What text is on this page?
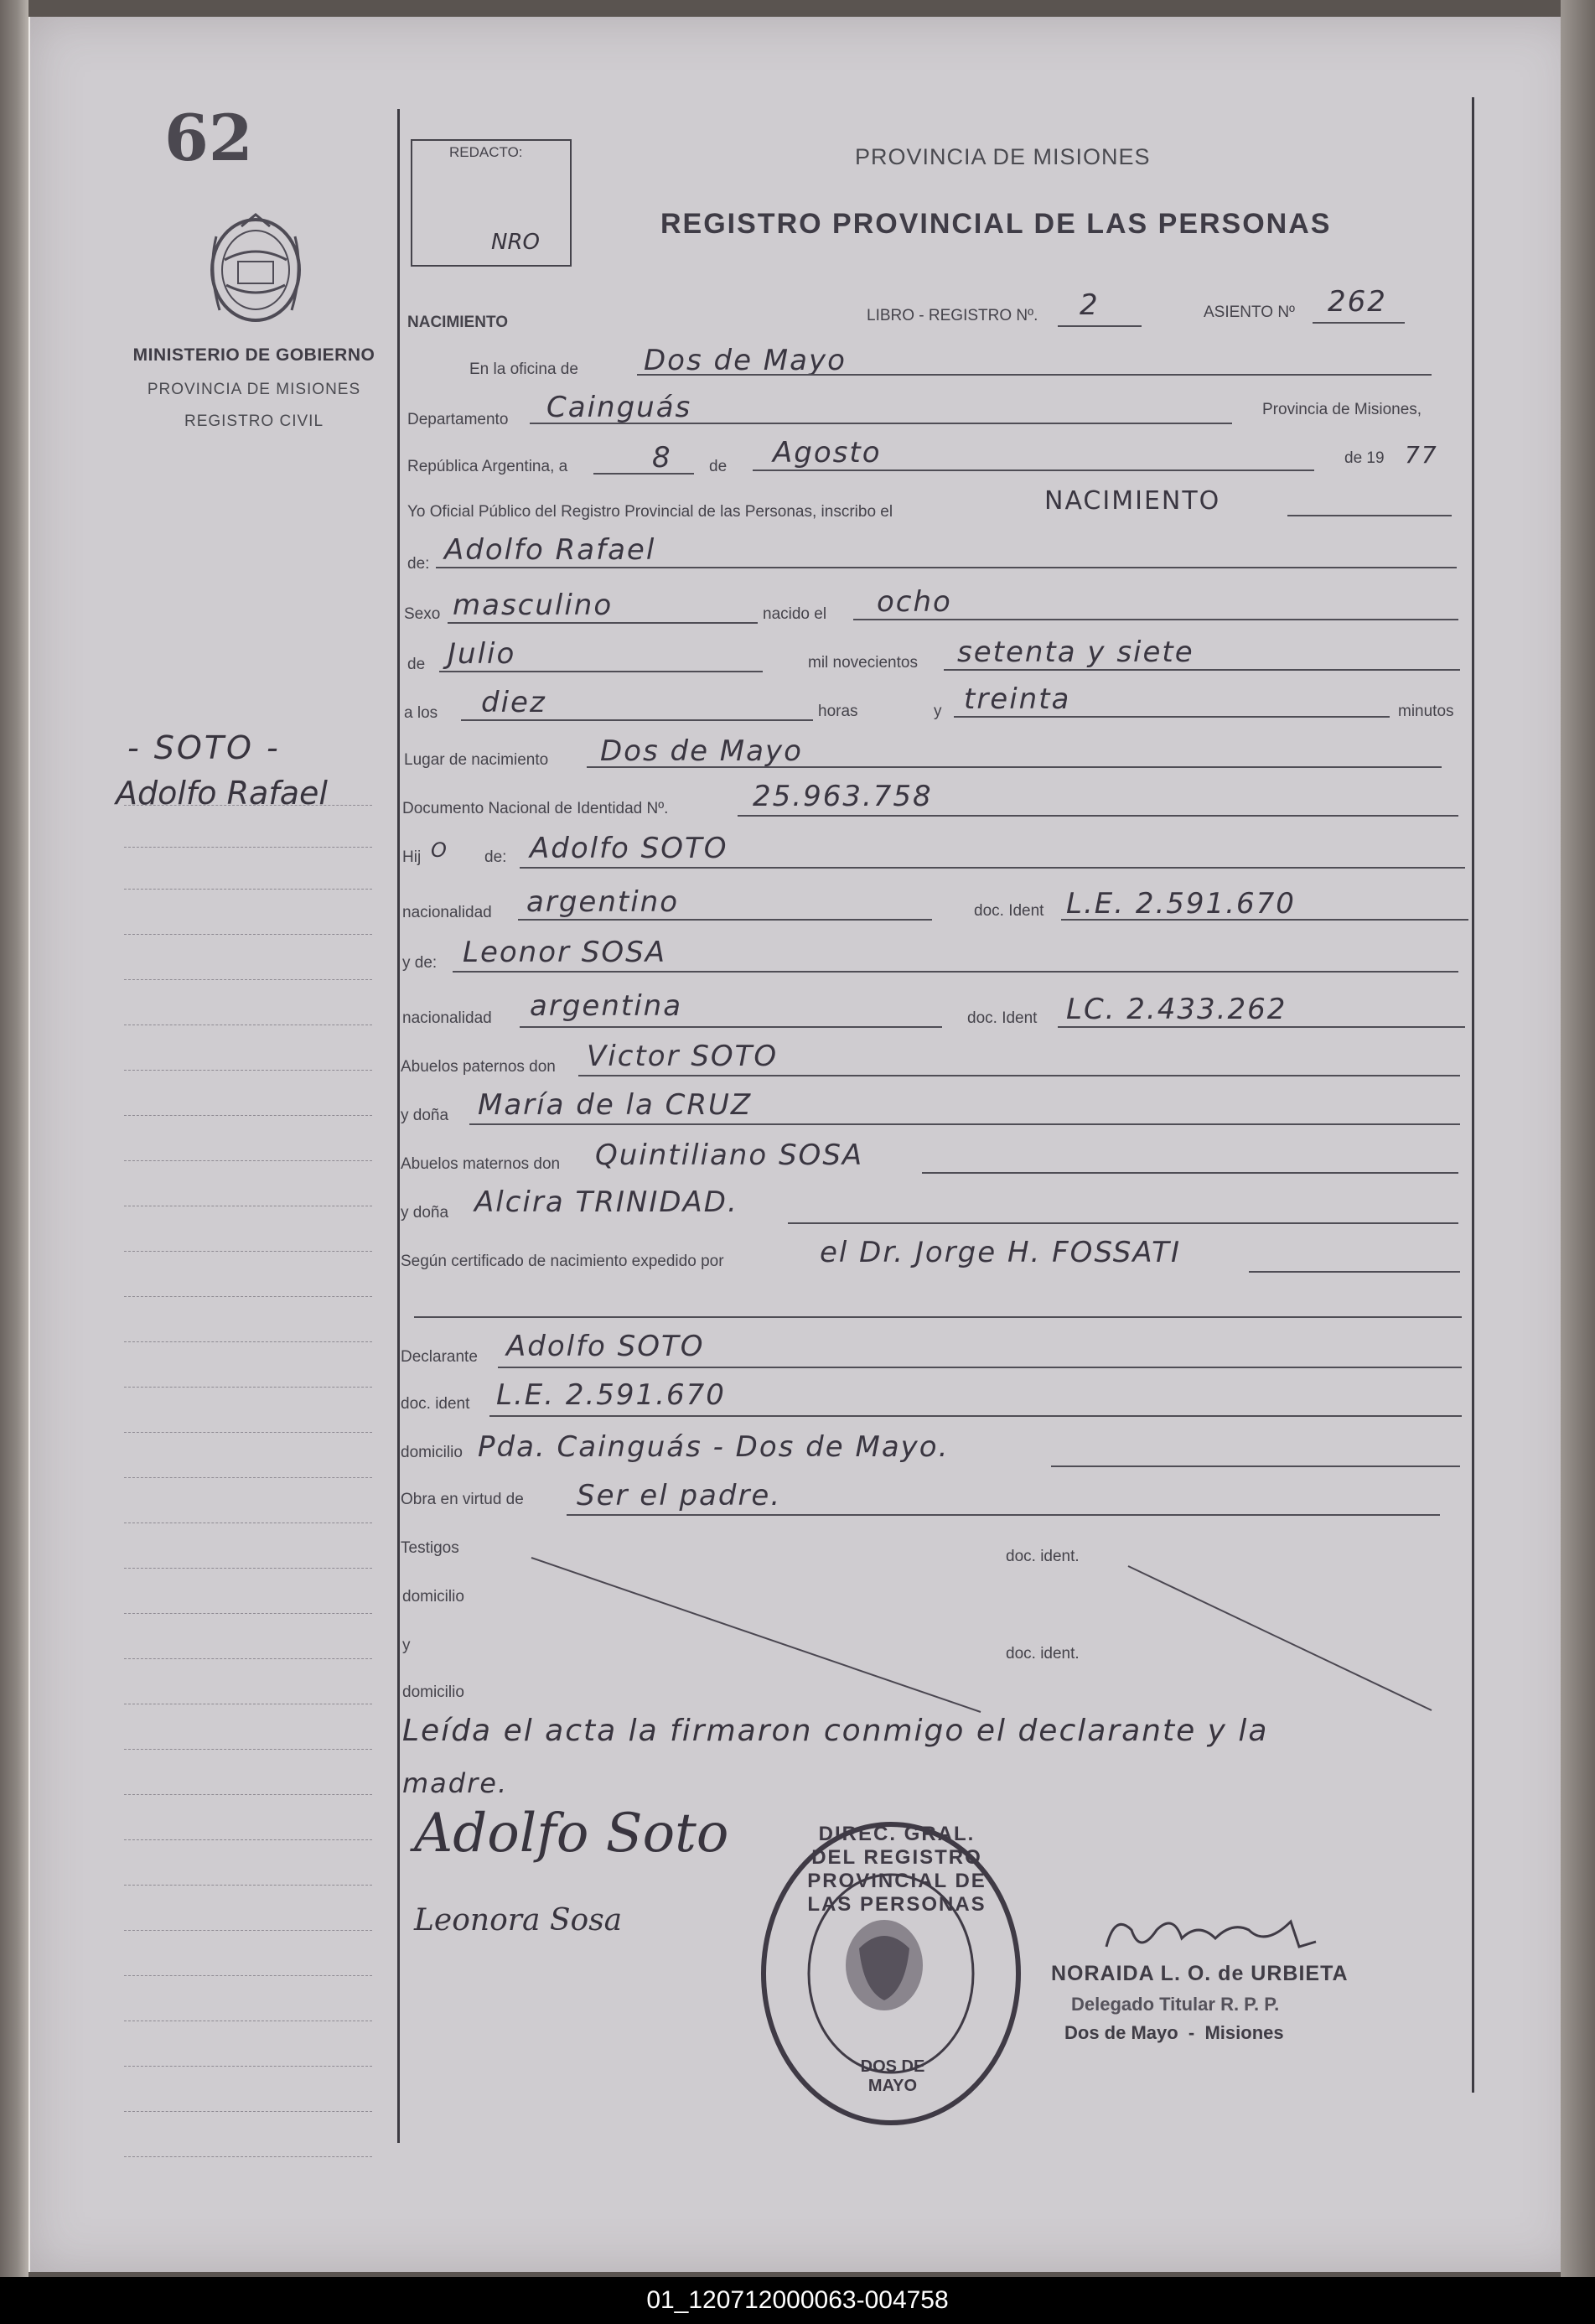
62
MINISTERIO DE GOBIERNO
PROVINCIA DE MISIONES
REGISTRO CIVIL
- SOTO -
Adolfo Rafael
REDACTO:
NRO
PROVINCIA DE MISIONES
REGISTRO PROVINCIAL DE LAS PERSONAS
NACIMIENTO	LIBRO - REGISTRO Nº. 2	ASIENTO Nº 262
En la oficina de Dos de Mayo
Departamento Cainguás	Provincia de Misiones,
República Argentina, a	8 de Agosto	de 19 77
Yo Oficial Público del Registro Provincial de las Personas, inscribo el	NACIMIENTO
de: Adolfo Rafael
Sexo masculino	nacido el ocho
de Julio	mil novecientos setenta y siete
a los diez	horas	y treinta	minutos
Lugar de nacimiento Dos de Mayo
Documento Nacional de Identidad Nº.	25.963.758
Hij O de: Adolfo SOTO
nacionalidad argentino	doc. Ident L.E. 2.591.670
y de: Leonor SOSA
nacionalidad argentina	doc. Ident LC. 2.433.262
Abuelos paternos don Victor SOTO
y doña María de la CRUZ
Abuelos maternos don Quintiliano SOSA
y doña Alcira TRINIDAD.
Según certificado de nacimiento expedido por	el Dr. Jorge H. FOSSATI
Declarante Adolfo SOTO
doc. ident L.E. 2.591.670
domicilio Pda. Cainguás - Dos de Mayo.
Obra en virtud de Ser el padre.
Testigos	doc. ident.
domicilio
y	doc. ident.
domicilio
Leída el acta la firmaron conmigo el declarante y la
madre.
Adolfo Soto
Leonora Sosa
DIREC. GRAL. DEL REGISTRO PROVINCIAL DE LAS PERSONAS
DOS DE MAYO
NORAIDA L. O. de URBIETA
Delegado Titular R. P. P.
Dos de Mayo  -  Misiones
01_120712000063-004758
